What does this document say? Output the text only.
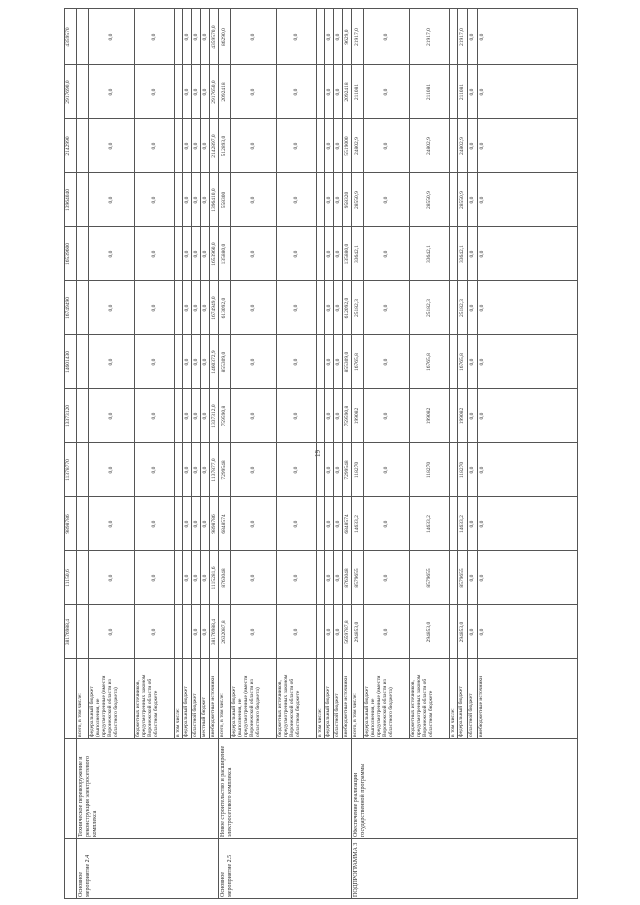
19
38176988,4
11150,6
9898786
11378770
13373120
14601430
16749490
16539600
13964040
2142990
2917690,0
4359570
Основное мероприятие 2.4
Техническое перевооружение и реконструкция электросетевого комплекса
Основное мероприятие 2.5
Новое строительство и расширение электросетевого комплекса
ПОДПРОГРАММА 3
Обеспечение реализации государственной программы
всего, в том числе:	федеральный бюджет (выполнения, не предусмотренные (вмести Воронежской области из областного бюджета)
0,0
0,0
0,0
0,0
0,0
0,0
0,0
0,0
0,0
0,0
0,0
0,0
бюджетных источников, предусмотренных законом Воронежской области об областном бюджете
0,0
0,0
0,0
0,0
0,0
0,0
0,0
0,0
0,0
0,0
0,0
0,0
в том числе: федеральный бюджет
0,0
0,0
0,0
0,0
0,0
0,0
0,0
0,0
0,0
0,0
0,0
областной бюджет
0,0
0,0
0,0
0,0
0,0
0,0
0,0
0,0
0,0
0,0
0,0
0,0
местный бюджет
0,0
0,0
0,0
0,0
0,0
0,0
0,0
0,0
0,0
0,0
0,0
0,0
внебюджетные источники
38176988,4
1115281,6
9898786
1137877,0
1337312,0
1460372,9
1674949,0
1653960,0
1396410,0
2142897,0
2917650,0
4359570,0
всего, в том числе:
2632087,8
8763048
6848574
7299548
759590,8
855309,0
613092,0
135880,0
558300
512893,0
2092418
86290,0
федеральный бюджет (выполнения, не предусмотренные (вмести Воронежской области из областного бюджета)
0,0
0,0
0,0
0,0
0,0
0,0
0,0
0,0
0,0
0,0
0,0
0,0
бюджетных источников, предусмотренных законом Воронежской области об областном бюджете
0,0
0,0
0,0
0,0
0,0
0,0
0,0
0,0
0,0
0,0
0,0
0,0
в том числе: федеральный бюджет
0,0
0,0
0,0
0,0
0,0
0,0
0,0
0,0
0,0
0,0
0,0
0,0
областной бюджет
0,0
0,0
0,0
0,0
0,0
0,0
0,0
0,0
0,0
0,0
0,0
0,0
внебюджетные источники
5659787,8
8763048
6848574
7299548
759590,8
855309,0
612092,0
135880,0
958320
5519000
2092418
9629,0
всего, в том числе:
294853,0
8579655
14633,2
118270
199082
16765,8
25182,3
33642,1
28550,9
24802,9
211081
21917,0
федеральный бюджет (выполнения, не предусмотренные (вмести Воронежской области из областного бюджета)
0,0
0,0
0,0
0,0
0,0
0,0
0,0
0,0
0,0
0,0
0,0
0,0
бюджетных источников, предусмотренных законом Воронежской области об областном бюджете
294853,0
8579655
14633,2
118270
199082
16765,8
25182,3
33642,1
28550,9
24802,9
211081
21917,0
в том числе: федеральный бюджет
294853,0
8579655
14633,2
118270
199082
16765,8
25182,3
33642,1
28550,9
24802,9
211081
21917,0
областной бюджет
0,0
0,0
0,0
0,0
0,0
0,0
0,0
0,0
0,0
0,0
0,0
0,0
внебюджетные источники
0,0
0,0
0,0
0,0
0,0
0,0
0,0
0,0
0,0
0,0
0,0
0,0
